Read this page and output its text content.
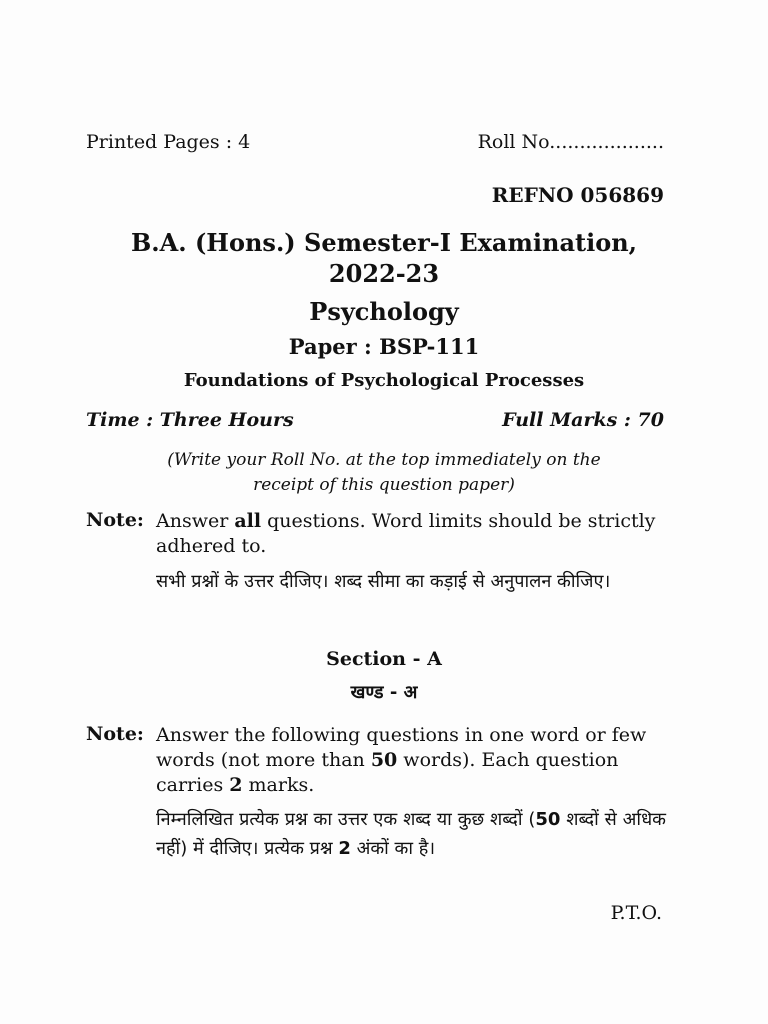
Printed Pages : 4	Roll No...................
REFNO 056869
B.A. (Hons.) Semester-I Examination,
2022-23
Psychology
Paper : BSP-111
Foundations of Psychological Processes
Time : Three Hours	Full Marks : 70
(Write your Roll No. at the top immediately on the
receipt of this question paper)
Note: Answer all questions. Word limits should be strictly adhered to.
सभी प्रश्नों के उत्तर दीजिए। शब्द सीमा का कड़ाई से अनुपालन कीजिए।
Section - A
खण्ड - अ
Note: Answer the following questions in one word or few words (not more than 50 words). Each question carries 2 marks.
निम्नलिखित प्रत्येक प्रश्न का उत्तर एक शब्द या कुछ शब्दों (50 शब्दों से अधिक नहीं) में दीजिए। प्रत्येक प्रश्न 2 अंकों का है।
P.T.O.
